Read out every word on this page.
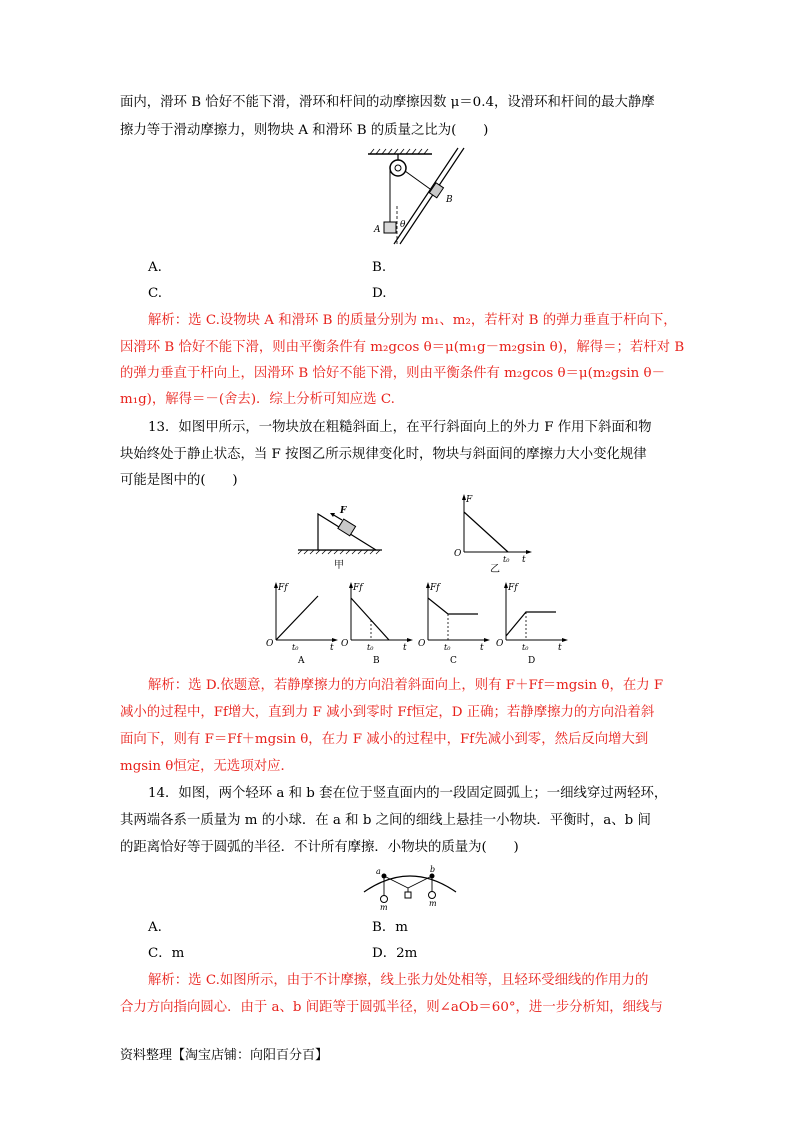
面内，滑环 B 恰好不能下滑，滑环和杆间的动摩擦因数 μ＝0.4，设滑环和杆间的最大静摩
擦力等于滑动摩擦力，则物块 A 和滑环 B 的质量之比为(　　)
A
B
θ
A.	B.
C.	D.
解析：选 C.设物块 A 和滑环 B 的质量分别为 m₁、m₂，若杆对 B 的弹力垂直于杆向下，
因滑环 B 恰好不能下滑，则由平衡条件有 m₂gcos θ＝μ(m₁g－m₂gsin θ)，解得＝；若杆对 B
的弹力垂直于杆向上，因滑环 B 恰好不能下滑，则由平衡条件有 m₂gcos θ＝μ(m₂gsin θ－
m₁g)，解得＝－(舍去)．综上分析可知应选 C.
13．如图甲所示，一物块放在粗糙斜面上，在平行斜面向上的外力 F 作用下斜面和物
块始终处于静止状态，当 F 按图乙所示规律变化时，物块与斜面间的摩擦力大小变化规律
可能是图中的(　　)
F
甲
F
O
t₀ t
乙
Ff
O t₀	t
A
Ff
O t₀	t
B
Ff
O t₀	t
C
Ff
O t₀	t
D
解析：选 D.依题意，若静摩擦力的方向沿着斜面向上，则有 F＋Ff＝mgsin θ，在力 F
减小的过程中，Ff增大，直到力 F 减小到零时 Ff恒定，D 正确；若静摩擦力的方向沿着斜
面向下，则有 F＝Ff＋mgsin θ，在力 F 减小的过程中，Ff先减小到零，然后反向增大到
mgsin θ恒定，无选项对应．
14．如图，两个轻环 a 和 b 套在位于竖直面内的一段固定圆弧上；一细线穿过两轻环，
其两端各系一质量为 m 的小球．在 a 和 b 之间的细线上悬挂一小物块．平衡时，a、b 间
的距离恰好等于圆弧的半径．不计所有摩擦．小物块的质量为(　　)
a	b
m	m
A.	B．m
C．m	D．2m
解析：选 C.如图所示，由于不计摩擦，线上张力处处相等，且轻环受细线的作用力的
合力方向指向圆心．由于 a、b 间距等于圆弧半径，则∠aOb＝60°，进一步分析知，细线与
资料整理【淘宝店铺：向阳百分百】
